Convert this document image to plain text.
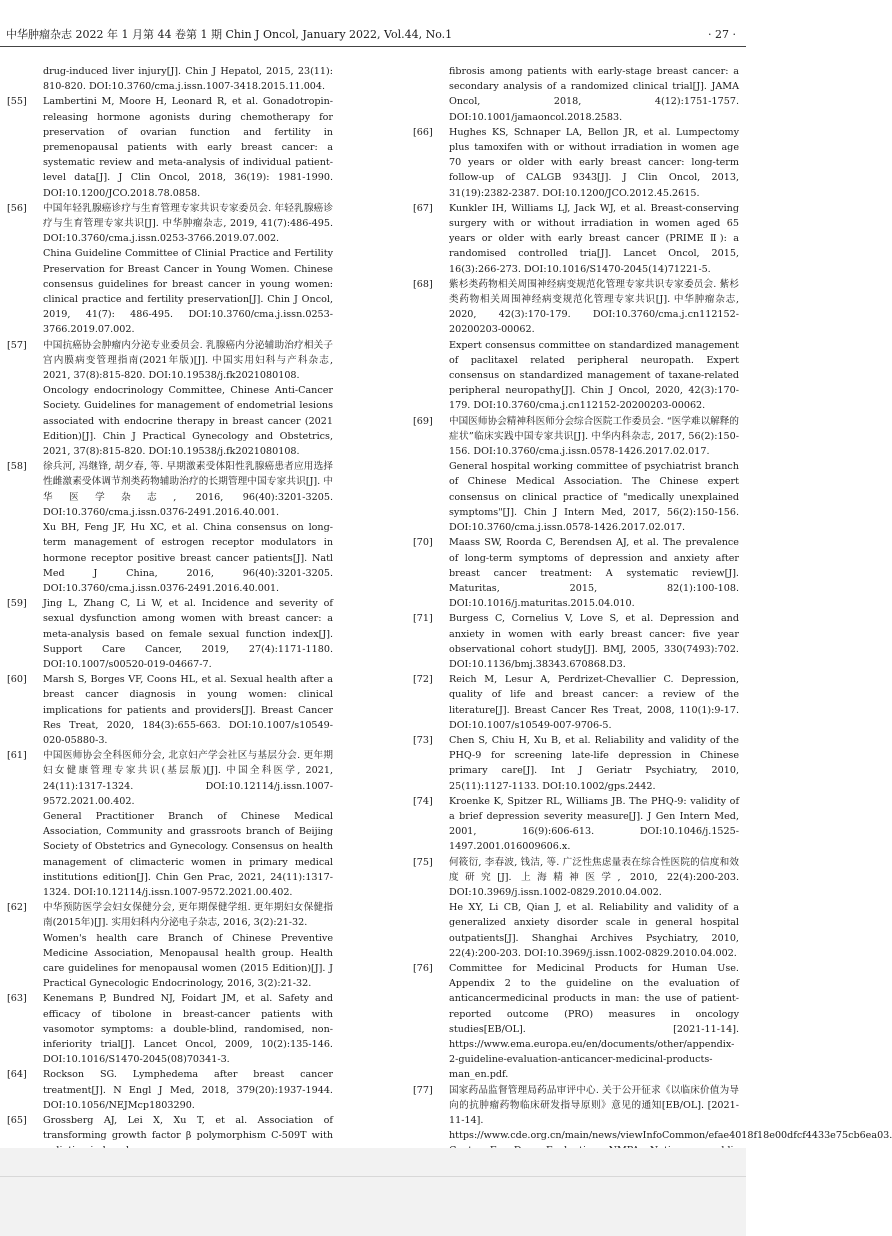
中华肿瘤杂志 2022 年 1 月第 44 卷第 1 期 Chin J Oncol, January 2022, Vol.44, No.1	· 27 ·

drug-induced liver injury[J]. Chin J Hepatol, 2015, 23(11): 810-820. DOI:10.3760/cma.j.issn.1007-3418.2015.11.004.

[55] Lambertini M, Moore H, Leonard R, et al. Gonadotropin-releasing hormone agonists during chemotherapy for preservation of ovarian function and fertility in premenopausal patients with early breast cancer: a systematic review and meta-analysis of individual patient-level data[J]. J Clin Oncol, 2018, 36(19): 1981-1990. DOI:10.1200/JCO.2018.78.0858.

[56] 中国年轻乳腺癌诊疗与生育管理专家共识专家委员会. 年轻乳腺癌诊疗与生育管理专家共识[J]. 中华肿瘤杂志, 2019, 41(7):486-495. DOI:10.3760/cma.j.issn.0253-3766.2019.07.002.

China Guideline Committee of Clinial Practice and Fertility Preservation for Breast Cancer in Young Women. Chinese consensus guidelines for breast cancer in young women: clinical practice and fertility preservation[J]. Chin J Oncol, 2019, 41(7): 486-495. DOI:10.3760/cma.j.issn.0253-3766.2019.07.002.

[57] 中国抗癌协会肿瘤内分泌专业委员会. 乳腺癌内分泌辅助治疗相关子宫内膜病变管理指南(2021年版)[J]. 中国实用妇科与产科杂志, 2021, 37(8):815-820. DOI:10.19538/j.fk2021080108.

Oncology endocrinology Committee, Chinese Anti-Cancer Society. Guidelines for management of endometrial lesions associated with endocrine therapy in breast cancer (2021 Edition)[J]. Chin J Practical Gynecology and Obstetrics, 2021, 37(8):815-820. DOI:10.19538/j.fk2021080108.

[58] 徐兵河, 冯继锋, 胡夕春, 等. 早期激素受体阳性乳腺癌患者应用选择性雌激素受体调节剂类药物辅助治疗的长期管理中国专家共识[J]. 中华医学杂志, 2016, 96(40):3201-3205. DOI:10.3760/cma.j.issn.0376-2491.2016.40.001.

Xu BH, Feng JF, Hu XC, et al. China consensus on long-term management of estrogen receptor modulators in hormone receptor positive breast cancer patients[J]. Natl Med J China, 2016, 96(40):3201-3205. DOI:10.3760/cma.j.issn.0376-2491.2016.40.001.

[59] Jing L, Zhang C, Li W, et al. Incidence and severity of sexual dysfunction among women with breast cancer: a meta-analysis based on female sexual function index[J]. Support Care Cancer, 2019, 27(4):1171-1180. DOI:10.1007/s00520-019-04667-7.

[60] Marsh S, Borges VF, Coons HL, et al. Sexual health after a breast cancer diagnosis in young women: clinical implications for patients and providers[J]. Breast Cancer Res Treat, 2020, 184(3):655-663. DOI:10.1007/s10549-020-05880-3.

[61] 中国医师协会全科医师分会, 北京妇产学会社区与基层分会. 更年期妇女健康管理专家共识(基层版)[J]. 中国全科医学, 2021, 24(11):1317-1324. DOI:10.12114/j.issn.1007-9572.2021.00.402.

General Practitioner Branch of Chinese Medical Association, Community and grassroots branch of Beijing Society of Obstetrics and Gynecology. Consensus on health management of climacteric women in primary medical institutions edition[J]. Chin Gen Prac, 2021, 24(11):1317-1324. DOI:10.12114/j.issn.1007-9572.2021.00.402.

[62] 中华预防医学会妇女保健分会, 更年期保健学组. 更年期妇女保健指南(2015年)[J]. 实用妇科内分泌电子杂志, 2016, 3(2):21-32.

Women's health care Branch of Chinese Preventive Medicine Association, Menopausal health group. Health care guidelines for menopausal women (2015 Edition)[J]. J Practical Gynecologic Endocrinology, 2016, 3(2):21-32.

[63] Kenemans P, Bundred NJ, Foidart JM, et al. Safety and efficacy of tibolone in breast-cancer patients with vasomotor symptoms: a double-blind, randomised, non-inferiority trial[J]. Lancet Oncol, 2009, 10(2):135-146. DOI:10.1016/S1470-2045(08)70341-3.

[64] Rockson SG. Lymphedema after breast cancer treatment[J]. N Engl J Med, 2018, 379(20):1937-1944. DOI:10.1056/NEJMcp1803290.

[65] Grossberg AJ, Lei X, Xu T, et al. Association of transforming growth factor β polymorphism C-509T with

fibrosis among patients with early-stage breast cancer: a secondary analysis of a randomized clinical trial[J]. JAMA Oncol, 2018, 4(12):1751-1757. DOI:10.1001/jamaoncol.2018.2583.

[66] Hughes KS, Schnaper LA, Bellon JR, et al. Lumpectomy plus tamoxifen with or without irradiation in women age 70 years or older with early breast cancer: long-term follow-up of CALGB 9343[J]. J Clin Oncol, 2013, 31(19):2382-2387. DOI:10.1200/JCO.2012.45.2615.

[67] Kunkler IH, Williams LJ, Jack WJ, et al. Breast-conserving surgery with or without irradiation in women aged 65 years or older with early breast cancer (PRIME Ⅱ): a randomised controlled tria[J]. Lancet Oncol, 2015, 16(3):266-273. DOI:10.1016/S1470-2045(14)71221-5.

[68] 紫杉类药物相关周围神经病变规范化管理专家共识专家委员会. 紫杉类药物相关周围神经病变规范化管理专家共识[J]. 中华肿瘤杂志, 2020, 42(3):170-179. DOI:10.3760/cma.j.cn112152-20200203-00062.

Expert consensus committee on standardized management of paclitaxel related peripheral neuropath. Expert consensus on standardized management of taxane-related peripheral neuropathy[J]. Chin J Oncol, 2020, 42(3):170-179. DOI:10.3760/cma.j.cn112152-20200203-00062.

[69] 中国医师协会精神科医师分会综合医院工作委员会. “医学难以解释的症状”临床实践中国专家共识[J]. 中华内科杂志, 2017, 56(2):150-156. DOI:10.3760/cma.j.issn.0578-1426.2017.02.017.

General hospital working committee of psychiatrist branch of Chinese Medical Association. The Chinese expert consensus on clinical practice of "medically unexplained symptoms"[J]. Chin J Intern Med, 2017, 56(2):150-156. DOI:10.3760/cma.j.issn.0578-1426.2017.02.017.

[70] Maass SW, Roorda C, Berendsen AJ, et al. The prevalence of long-term symptoms of depression and anxiety after breast cancer treatment: A systematic review[J]. Maturitas, 2015, 82(1):100-108. DOI:10.1016/j.maturitas.2015.04.010.

[71] Burgess C, Cornelius V, Love S, et al. Depression and anxiety in women with early breast cancer: five year observational cohort study[J]. BMJ, 2005, 330(7493):702. DOI:10.1136/bmj.38343.670868.D3.

[72] Reich M, Lesur A, Perdrizet-Chevallier C. Depression, quality of life and breast cancer: a review of the literature[J]. Breast Cancer Res Treat, 2008, 110(1):9-17. DOI:10.1007/s10549-007-9706-5.

[73] Chen S, Chiu H, Xu B, et al. Reliability and validity of the PHQ-9 for screening late-life depression in Chinese primary care[J]. Int J Geriatr Psychiatry, 2010, 25(11):1127-1133. DOI:10.1002/gps.2442.

[74] Kroenke K, Spitzer RL, Williams JB. The PHQ-9: validity of a brief depression severity measure[J]. J Gen Intern Med, 2001, 16(9):606-613. DOI:10.1046/j.1525-1497.2001.016009606.x.

[75] 何筱衍, 李春波, 钱洁, 等. 广泛性焦虑量表在综合性医院的信度和效度研究[J]. 上海精神医学, 2010, 22(4):200-203. DOI:10.3969/j.issn.1002-0829.2010.04.002.

He XY, Li CB, Qian J, et al. Reliability and validity of a generalized anxiety disorder scale in general hospital outpatients[J]. Shanghai Archives Psychiatry, 2010, 22(4):200-203. DOI:10.3969/j.issn.1002-0829.2010.04.002.

[76] Committee for Medicinal Products for Human Use. Appendix 2 to the guideline on the evaluation of anticancermedicinal products in man: the use of patient-reported outcome (PRO) measures in oncology studies[EB/OL]. [2021-11-14]. https://www.ema.europa.eu/en/documents/other/appendix-2-guideline-evaluation-anticancer-medicinal-products-man_en.pdf.

[77] 国家药品监督管理局药品审评中心. 关于公开征求《以临床价值为导向的抗肿瘤药物临床研发指导原则》意见的通知[EB/OL]. [2021-11-14]. https://www.cde.org.cn/main/news/viewInfoCommon/efae4018f18e00dfcf4433e75cb6ea03.
